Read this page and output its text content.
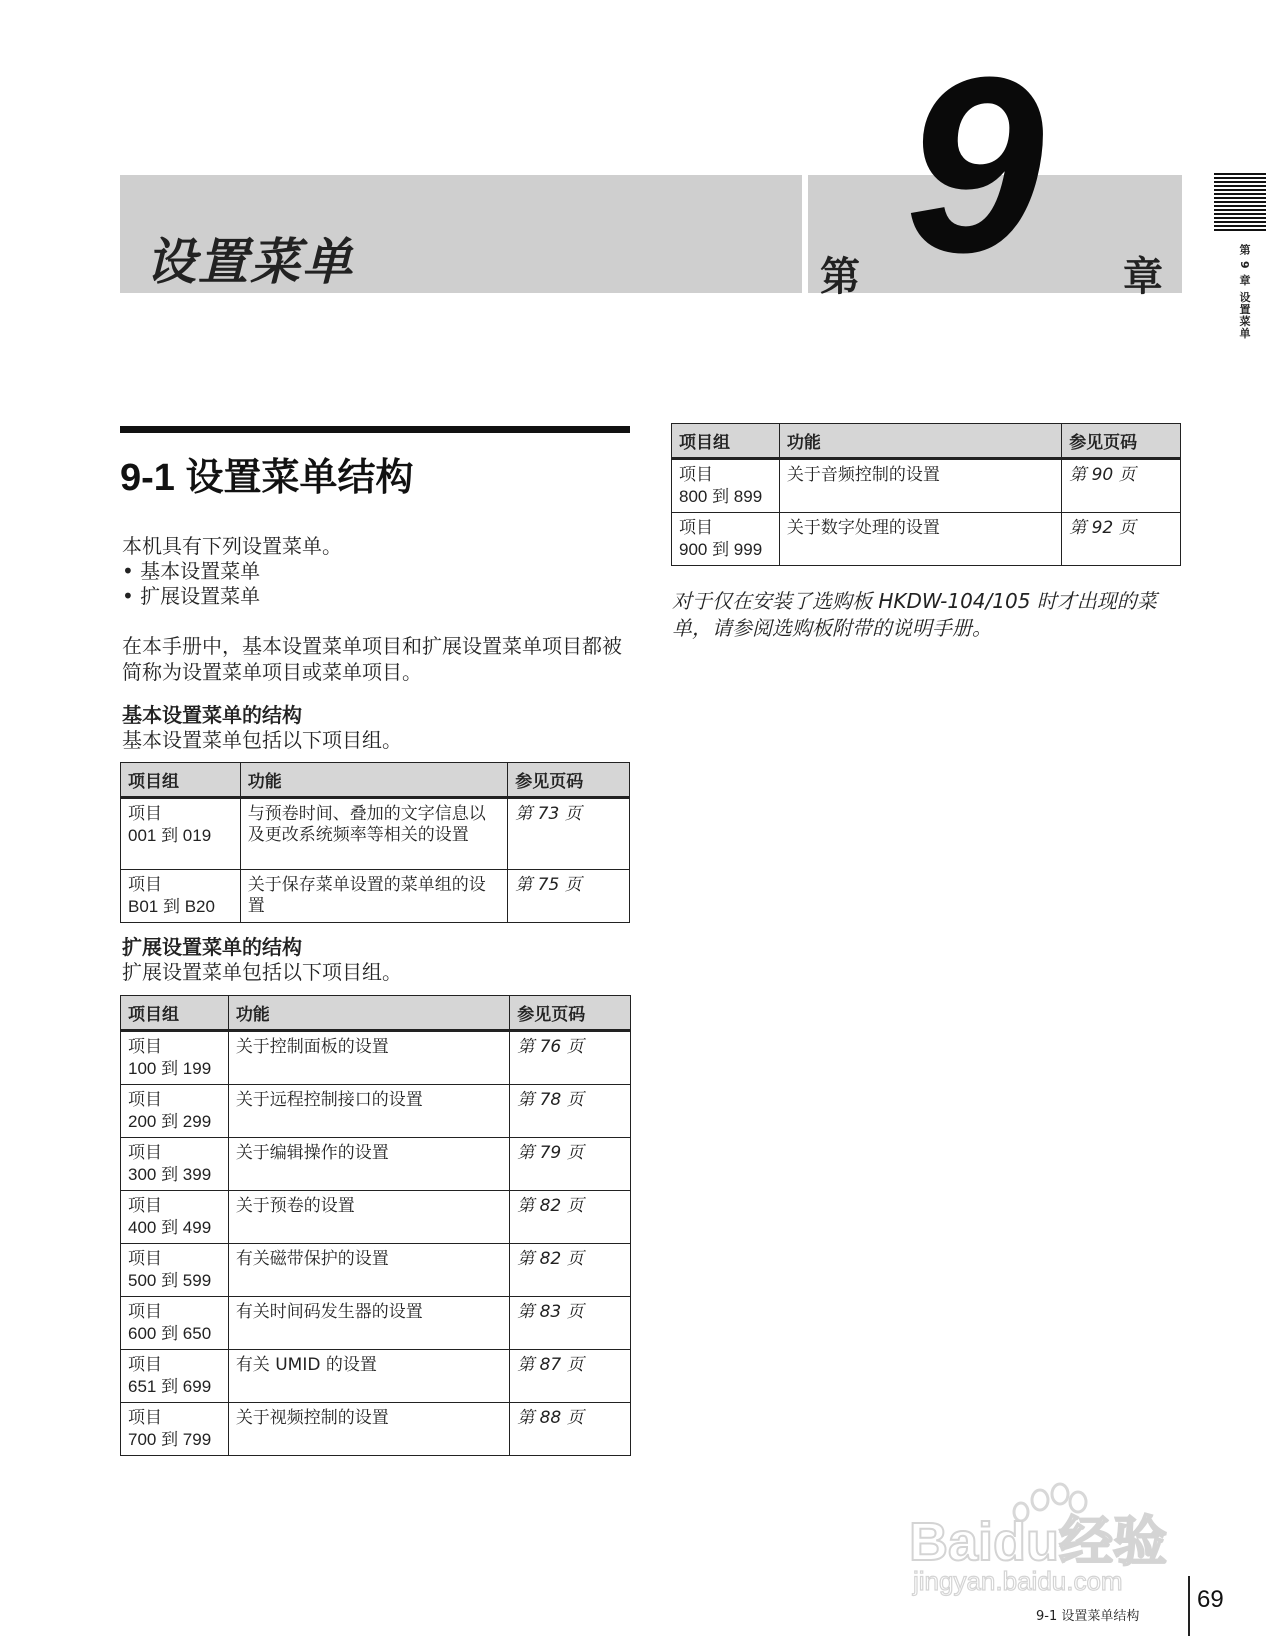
设置菜单	第 9 章	第 9 章 设置菜单
9-1 设置菜单结构
本机具有下列设置菜单。
• 基本设置菜单
• 扩展设置菜单
在本手册中，基本设置菜单项目和扩展设置菜单项目都被简称为设置菜单项目或菜单项目。
基本设置菜单的结构
基本设置菜单包括以下项目组。
项目组	功能	参见页码

项目
001 到 019	与预卷时间、叠加的文字信息以及更改系统频率等相关的设置	第 73 页

项目
B01 到 B20	关于保存菜单设置的菜单组的设置	第 75 页
扩展设置菜单的结构
扩展设置菜单包括以下项目组。
项目组	功能	参见页码

项目
100 到 199	关于控制面板的设置	第 76 页

项目
200 到 299	关于远程控制接口的设置	第 78 页

项目
300 到 399	关于编辑操作的设置	第 79 页

项目
400 到 499	关于预卷的设置	第 82 页

项目
500 到 599	有关磁带保护的设置	第 82 页

项目
600 到 650	有关时间码发生器的设置	第 83 页

项目
651 到 699	有关 UMID 的设置	第 87 页

项目
700 到 799	关于视频控制的设置	第 88 页
项目组	功能	参见页码

项目
800 到 899	关于音频控制的设置	第 90 页

项目
900 到 999	关于数字处理的设置	第 92 页
对于仅在安装了选购板 HKDW-104/105 时才出现的菜单，请参阅选购板附带的说明手册。
Baidu经验
jingyan.baidu.com
9-1 设置菜单结构
69
